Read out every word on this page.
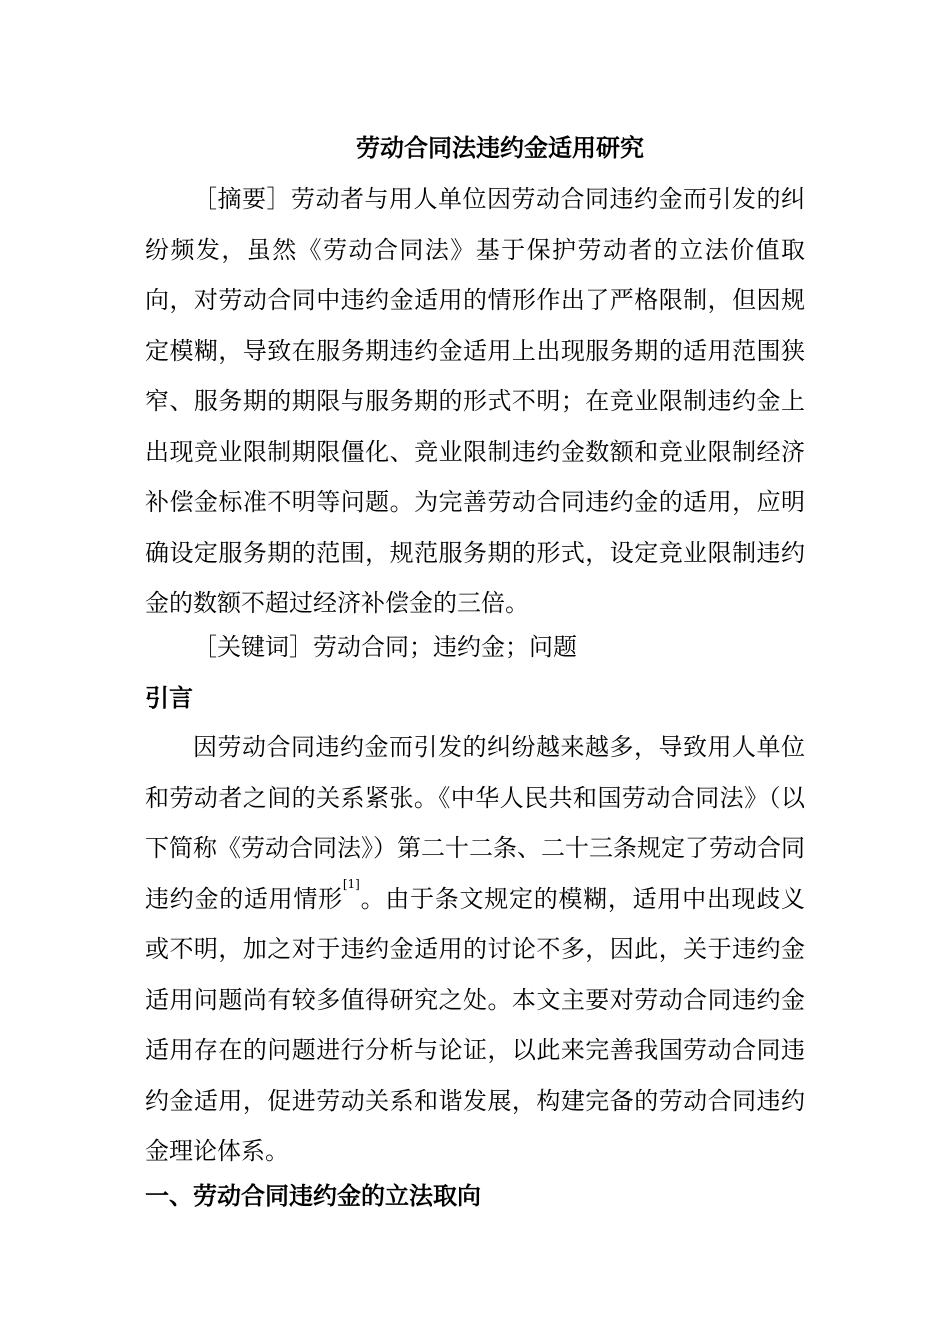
劳动合同法违约金适用研究

［摘要］劳动者与用人单位因劳动合同违约金而引发的纠纷频发，虽然《劳动合同法》基于保护劳动者的立法价值取向，对劳动合同中违约金适用的情形作出了严格限制，但因规定模糊，导致在服务期违约金适用上出现服务期的适用范围狭窄、服务期的期限与服务期的形式不明；在竞业限制违约金上出现竞业限制期限僵化、竞业限制违约金数额和竞业限制经济补偿金标准不明等问题。为完善劳动合同违约金的适用，应明确设定服务期的范围，规范服务期的形式，设定竞业限制违约金的数额不超过经济补偿金的三倍。

［关键词］劳动合同；违约金；问题

引言

因劳动合同违约金而引发的纠纷越来越多，导致用人单位和劳动者之间的关系紧张。《中华人民共和国劳动合同法》（以下简称《劳动合同法》）第二十二条、二十三条规定了劳动合同违约金的适用情形[1]。由于条文规定的模糊，适用中出现歧义或不明，加之对于违约金适用的讨论不多，因此，关于违约金适用问题尚有较多值得研究之处。本文主要对劳动合同违约金适用存在的问题进行分析与论证，以此来完善我国劳动合同违约金适用，促进劳动关系和谐发展，构建完备的劳动合同违约金理论体系。

一、劳动合同违约金的立法取向
